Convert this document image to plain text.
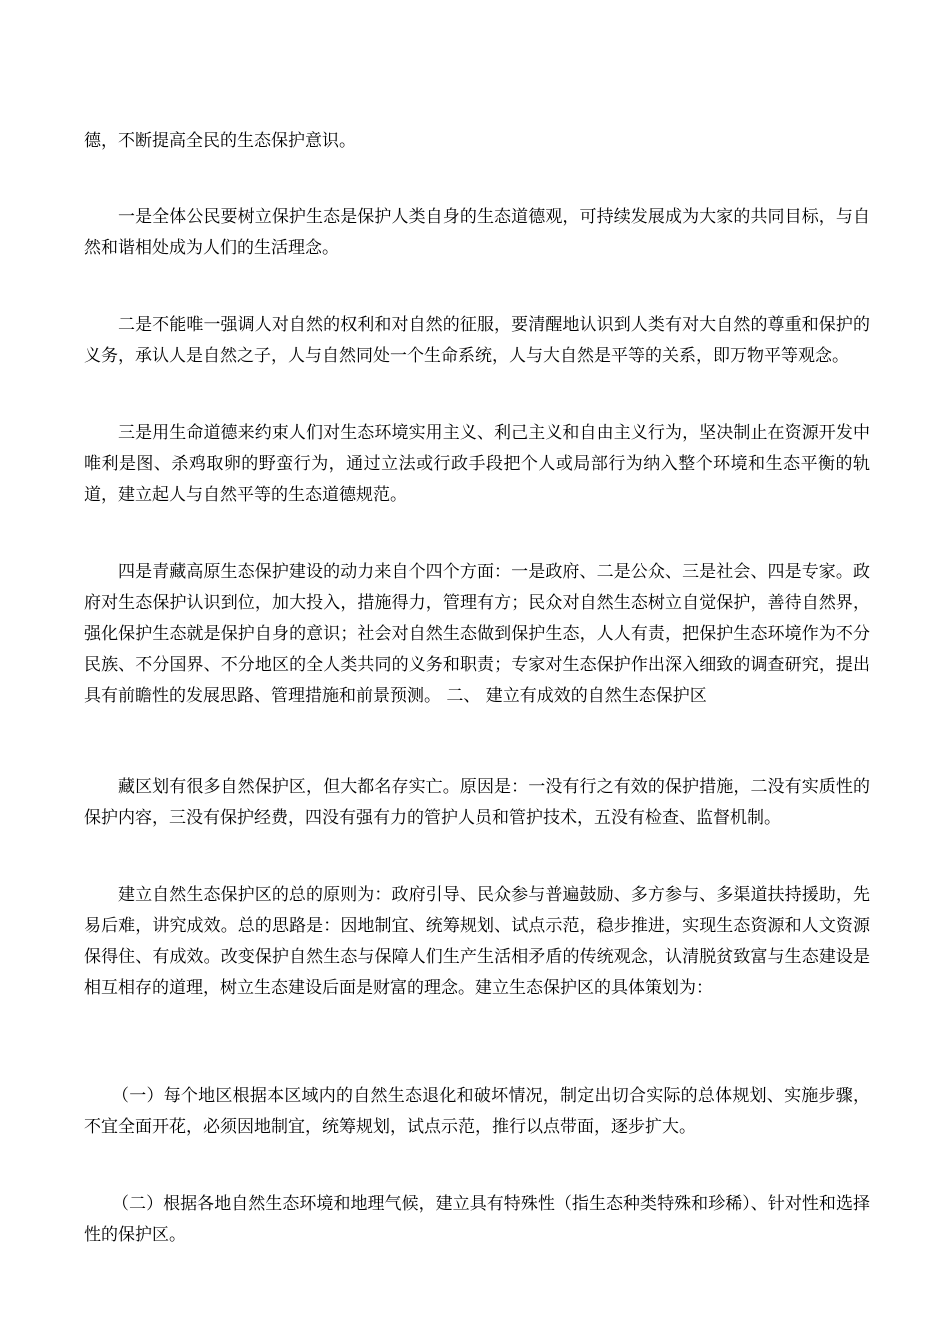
德，不断提高全民的生态保护意识。

一是全体公民要树立保护生态是保护人类自身的生态道德观，可持续发展成为大家的共同目标，与自然和谐相处成为人们的生活理念。

二是不能唯一强调人对自然的权利和对自然的征服，要清醒地认识到人类有对大自然的尊重和保护的义务，承认人是自然之子，人与自然同处一个生命系统，人与大自然是平等的关系，即万物平等观念。

三是用生命道德来约束人们对生态环境实用主义、利己主义和自由主义行为，坚决制止在资源开发中唯利是图、杀鸡取卵的野蛮行为，通过立法或行政手段把个人或局部行为纳入整个环境和生态平衡的轨道，建立起人与自然平等的生态道德规范。

四是青藏高原生态保护建设的动力来自个四个方面：一是政府、二是公众、三是社会、四是专家。政府对生态保护认识到位，加大投入，措施得力，管理有方；民众对自然生态树立自觉保护，善待自然界，强化保护生态就是保护自身的意识；社会对自然生态做到保护生态，人人有责，把保护生态环境作为不分民族、不分国界、不分地区的全人类共同的义务和职责；专家对生态保护作出深入细致的调查研究，提出具有前瞻性的发展思路、管理措施和前景预测。 二、 建立有成效的自然生态保护区

藏区划有很多自然保护区，但大都名存实亡。原因是：一没有行之有效的保护措施，二没有实质性的保护内容，三没有保护经费，四没有强有力的管护人员和管护技术，五没有检查、监督机制。

建立自然生态保护区的总的原则为：政府引导、民众参与普遍鼓励、多方参与、多渠道扶持援助，先易后难，讲究成效。总的思路是：因地制宜、统筹规划、试点示范，稳步推进，实现生态资源和人文资源保得住、有成效。改变保护自然生态与保障人们生产生活相矛盾的传统观念，认清脱贫致富与生态建设是相互相存的道理，树立生态建设后面是财富的理念。建立生态保护区的具体策划为：

（一）每个地区根据本区域内的自然生态退化和破坏情况，制定出切合实际的总体规划、实施步骤，不宜全面开花，必须因地制宜，统筹规划，试点示范，推行以点带面，逐步扩大。

（二）根据各地自然生态环境和地理气候，建立具有特殊性（指生态种类特殊和珍稀）、针对性和选择性的保护区。
